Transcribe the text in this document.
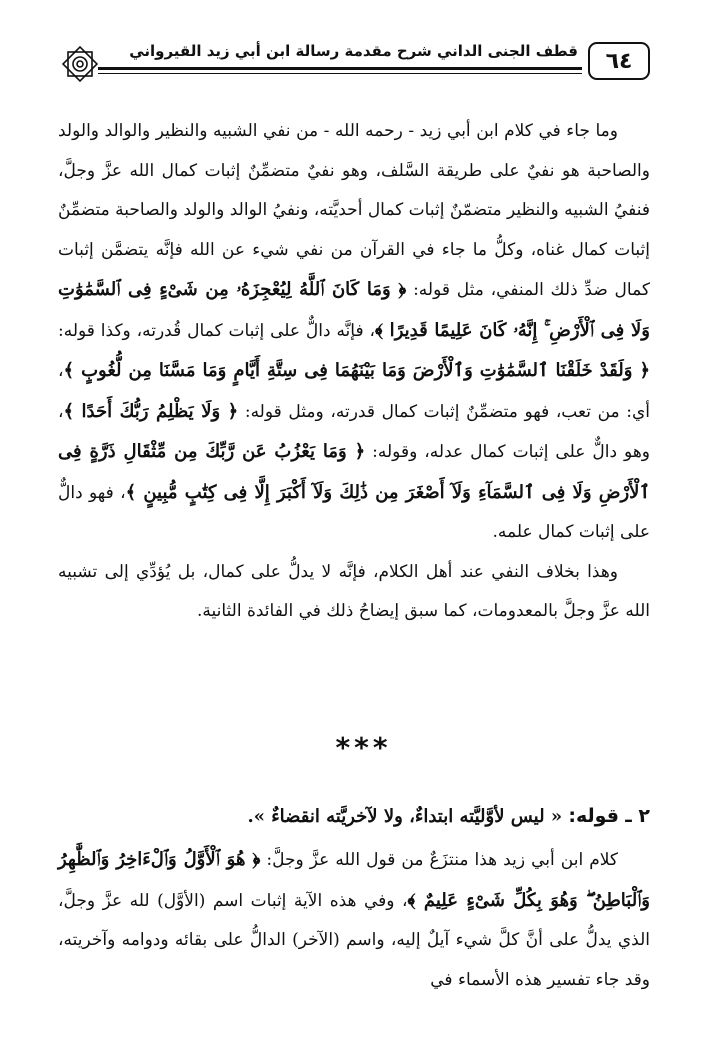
قطف الجنى الداني شرح مقدمة رسالة ابن أبي زيد القيرواني	٦٤

وما جاء في كلام ابن أبي زيد - رحمه الله - من نفي الشبيه والنظير والوالد والولد والصاحبة هو نفيٌ على طريقة السَّلف، وهو نفيٌ متضمِّنٌ إثبات كمال الله عزَّ وجلَّ، فنفيُ الشبيه والنظير متضمّنٌ إثبات كمال أحديَّته، ونفيُ الوالد والولد والصاحبة متضمِّنٌ إثبات كمال غناه، وكلُّ ما جاء في القرآن من نفي شيء عن الله فإنَّه يتضمَّن إثبات كمال ضدِّ ذلك المنفي، مثل قوله: ﴿ وَمَا كَانَ ٱللَّهُ لِيُعْجِزَهُۥ مِن شَىْءٍ فِى ٱلسَّمَٰوَٰتِ وَلَا فِى ٱلْأَرْضِ ۚ إِنَّهُۥ كَانَ عَلِيمًا قَدِيرًا ﴾، فإنَّه دالٌّ على إثبات كمال قُدرته، وكذا قوله: ﴿ وَلَقَدْ خَلَقْنَا ٱلسَّمَٰوَٰتِ وَٱلْأَرْضَ وَمَا بَيْنَهُمَا فِى سِتَّةِ أَيَّامٍ وَمَا مَسَّنَا مِن لُّغُوبٍ ﴾، أي: من تعب، فهو متضمِّنٌ إثبات كمال قدرته، ومثل قوله: ﴿ وَلَا يَظْلِمُ رَبُّكَ أَحَدًا ﴾، وهو دالٌّ على إثبات كمال عدله، وقوله: ﴿ وَمَا يَعْزُبُ عَن رَّبِّكَ مِن مِّثْقَالِ ذَرَّةٍ فِى ٱلْأَرْضِ وَلَا فِى ٱلسَّمَآءِ وَلَآ أَصْغَرَ مِن ذَٰلِكَ وَلَآ أَكْبَرَ إِلَّا فِى كِتَٰبٍ مُّبِينٍ ﴾، فهو دالٌّ على إثبات كمال علمه.

وهذا بخلاف النفي عند أهل الكلام، فإنَّه لا يدلُّ على كمال، بل يُؤدِّي إلى تشبيه الله عزَّ وجلَّ بالمعدومات، كما سبق إيضاحُ ذلك في الفائدة الثانية.

***
٢ ـ قوله: « ليس لأوَّليَّته ابتداءٌ، ولا لآخريَّته انقضاءٌ ».

كلام ابن أبي زيد هذا منتزَعٌ من قول الله عزَّ وجلَّ: ﴿ هُوَ ٱلْأَوَّلُ وَٱلْءَاخِرُ وَٱلظَّٰهِرُ وَٱلْبَاطِنُ ۖ وَهُوَ بِكُلِّ شَىْءٍ عَلِيمٌ ﴾، وفي هذه الآية إثبات اسم (الأوَّل) لله عزَّ وجلَّ، الذي يدلُّ على أنَّ كلَّ شيء آيلٌ إليه، واسم (الآخر) الدالُّ على بقائه ودوامه وآخريته، وقد جاء تفسير هذه الأسماء في
